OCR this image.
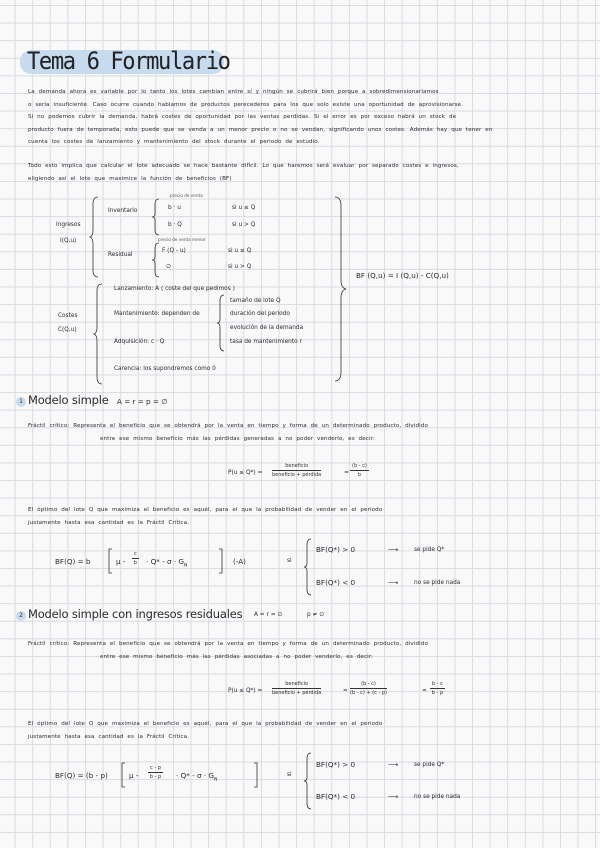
Tema 6 Formulario
La demanda ahora es variable por lo tanto los lotes cambian entre sí y ningún se cubrirá bien porque a sobredimensionaríamos
o sería insuficiente. Caso ocurre cuando hablamos de productos perecederos para los que solo existe una oportunidad de aprovisionarse.
Si no podemos cubrir la demanda, habrá costes de oportunidad por las ventas perdidas. Si el error es por exceso habrá un stock de
producto fuera de temporada, esto puede que se venda a un menor precio o no se vendan, significando unos costes. Además hay que tener en
cuenta los costes de lanzamiento y mantenimiento del stock durante el periodo de estudio.
Todo esto implica que calcular el lote adecuado se hace bastante difícil. Lo que haremos será evaluar por separado costes e ingresos,
eligiendo así el lote que maximice la función de beneficios (BF)
Ingresos
I(Q,u)
Inventario
precio de venta
b · u	si u ≤ Q
b · Q	si u > Q
Residual
precio de venta menor
F (Q - u)	si u ≤ Q
∅	si u > Q
Costes
C(Q,u)
Lanzamiento: A ( coste del que pedimos )
Mantenimiento: dependen de
tamaño de lote Q
duración del periodo
evolución de la demanda
tasa de mantenimiento r
Adquisición: c · Q
Carencia: los supondremos como 0
BF (Q,u) = I (Q,u) - C(Q,u)
1 Modelo simple A = r = p = ∅
Fráctil crítico: Representa el beneficio que se obtendrá por la venta en tiempo y forma de un determinado producto, dividido
entre ese mismo beneficio más las pérdidas generadas a no poder venderlo, es decir:
P(u ≤ Q*) =
beneficio
beneficio + pérdida	= $\frac{(b - c)}{b}$
El óptimo del lote Q que maximiza el beneficio es aquél, para el que la probabilidad de vender en el periodo
justamente hasta esa cantidad es la Fráctil Crítica.
BF(Q) = b	$\mu - \frac{c}{b} \cdot Q* - \sigma \cdot G_N$	(-A)	si
BF(Q*) > 0	⟶	se pide Q*
BF(Q*) < 0	⟶	no se pide nada
2 Modelo simple con ingresos residuales A = r = ∅	p ≠ ∅
Fráctil crítico: Representa el beneficio que se obtendrá por la venta en tiempo y forma de un determinado producto, dividido
entre ese mismo beneficio más las pérdidas asociadas a no poder venderlo, es decir:
P(u ≤ Q*) =
beneficio
beneficio + pérdida	= $\frac{(b - c)}{(b - c) + (c - p)}$	= $\frac{b - c}{b - p}$
El óptimo del lote Q que maximiza el beneficio es aquél, para el que la probabilidad de vender en el periodo
justamente hasta esa cantidad es la Fráctil Crítica.
BF(Q) = (b - p)	$\mu - \frac{c - p}{b - p} \cdot Q* - \sigma \cdot G_N$
si
BF(Q*) > 0	⟶	se pide Q*
BF(Q*) < 0	⟶	no se pide nada
